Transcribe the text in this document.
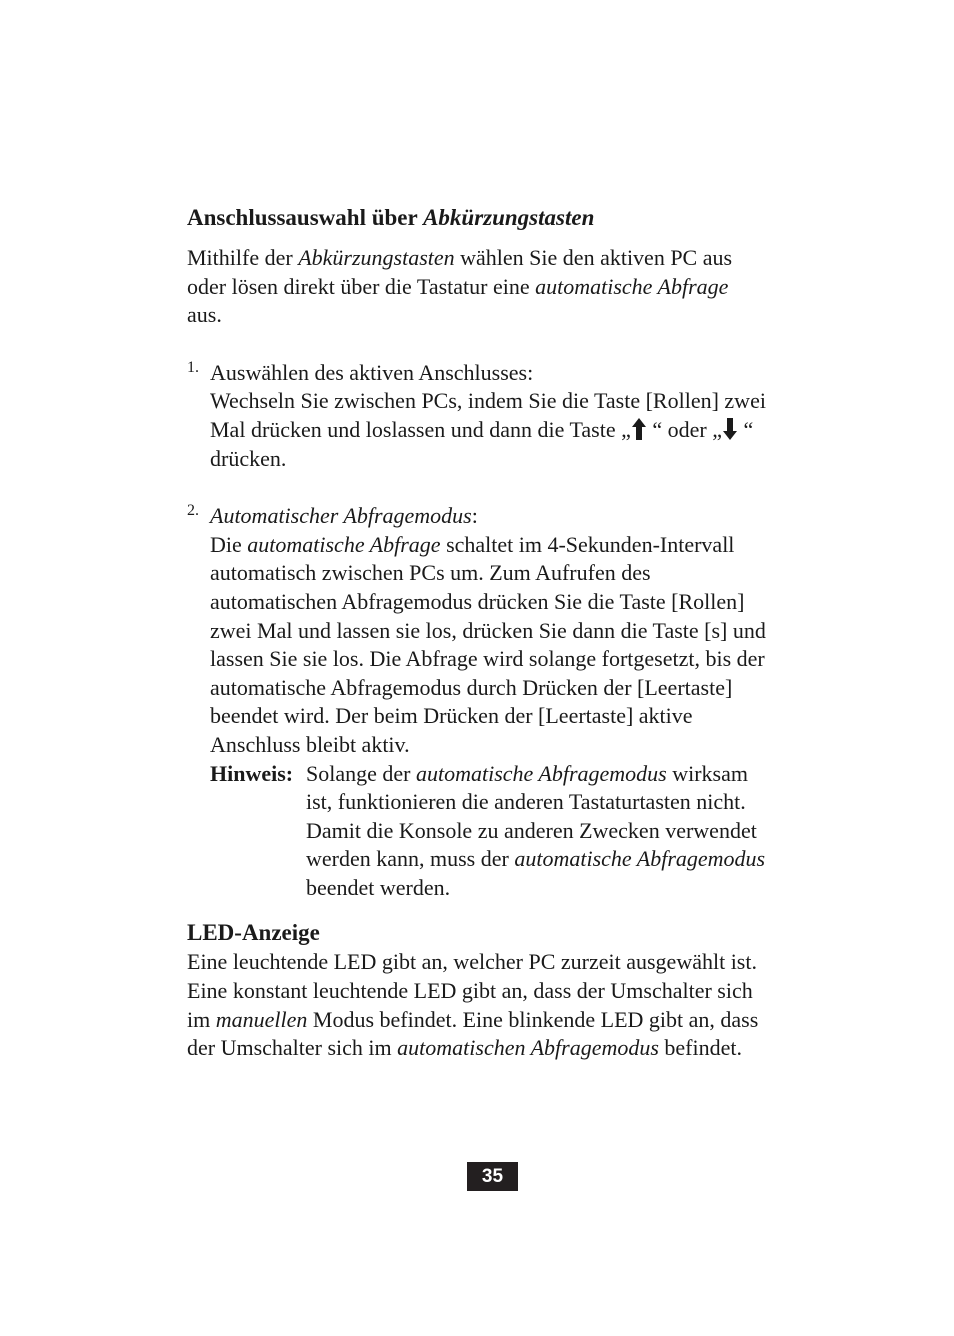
Anschlussauswahl über Abkürzungstasten

Mithilfe der Abkürzungstasten wählen Sie den aktiven PC aus oder lösen direkt über die Tastatur eine automatische Abfrage aus.

1. Auswählen des aktiven Anschlusses:

Wechseln Sie zwischen PCs, indem Sie die Taste [Rollen] zwei Mal drücken und loslassen und dann die Taste „ “ oder „ “ drücken.

2. Automatischer Abfragemodus:

Die automatische Abfrage schaltet im 4-Sekunden-Intervall automatisch zwischen PCs um. Zum Aufrufen des automatischen Abfragemodus drücken Sie die Taste [Rollen] zwei Mal und lassen sie los, drücken Sie dann die Taste [s] und lassen Sie sie los. Die Abfrage wird solange fortgesetzt, bis der automatische Abfragemodus durch Drücken der [Leertaste] beendet wird. Der beim Drücken der [Leertaste] aktive Anschluss bleibt aktiv.

Hinweis: Solange der automatische Abfragemodus wirksam ist, funktionieren die anderen Tastaturtasten nicht. Damit die Konsole zu anderen Zwecken verwendet werden kann, muss der automatische Abfragemodus beendet werden.

LED-Anzeige

Eine leuchtende LED gibt an, welcher PC zurzeit ausgewählt ist. Eine konstant leuchtende LED gibt an, dass der Umschalter sich im manuellen Modus befindet. Eine blinkende LED gibt an, dass der Umschalter sich im automatischen Abfragemodus befindet.

35
